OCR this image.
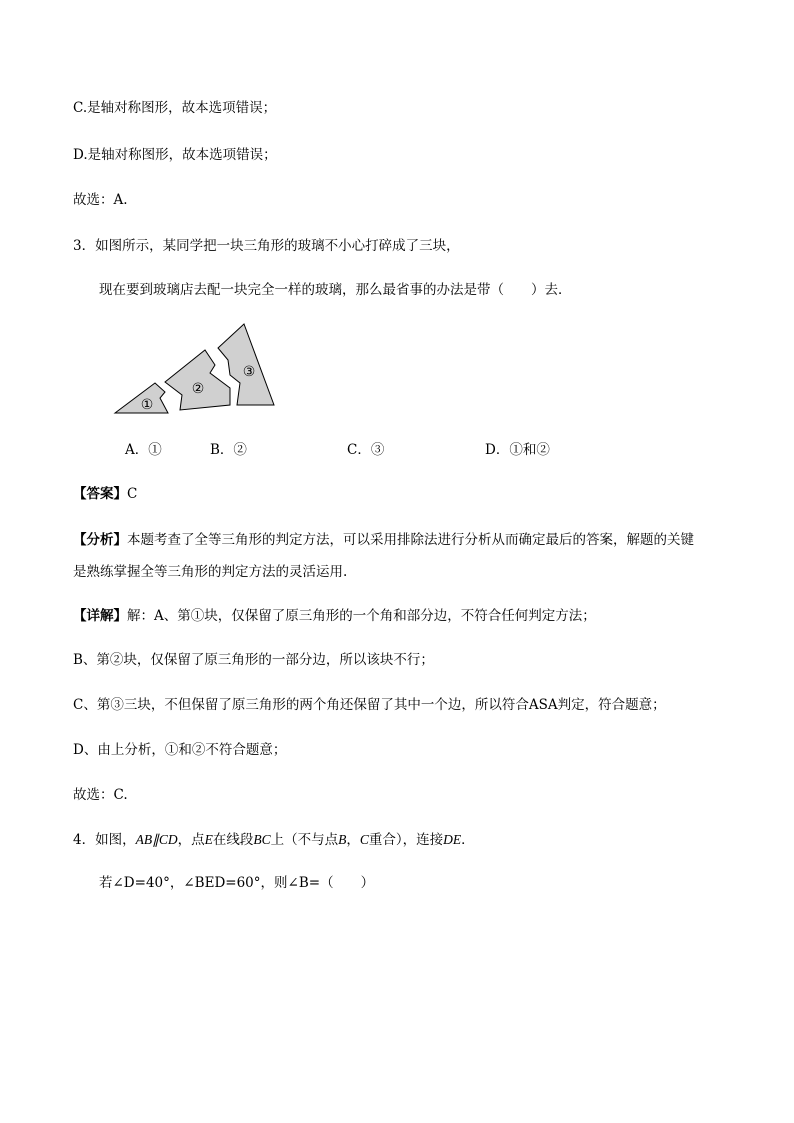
C.是轴对称图形，故本选项错误；
D.是轴对称图形，故本选项错误；
故选：A.
3．如图所示，某同学把一块三角形的玻璃不小心打碎成了三块，
现在要到玻璃店去配一块完全一样的玻璃，那么最省事的办法是带（　　）去．
①
②
③
A．①	B．②	C．③	D．①和②
【答案】C
【分析】本题考查了全等三角形的判定方法，可以采用排除法进行分析从而确定最后的答案，解题的关键
是熟练掌握全等三角形的判定方法的灵活运用.
【详解】解：A、第①块，仅保留了原三角形的一个角和部分边，不符合任何判定方法；
B、第②块，仅保留了原三角形的一部分边，所以该块不行；
C、第③三块，不但保留了原三角形的两个角还保留了其中一个边，所以符合ASA判定，符合题意；
D、由上分析，①和②不符合题意；
故选：C.
4．如图，AB∥CD，点E在线段BC上（不与点B，C重合），连接DE．
若∠D=40°，∠BED=60°，则∠B=（　　）
